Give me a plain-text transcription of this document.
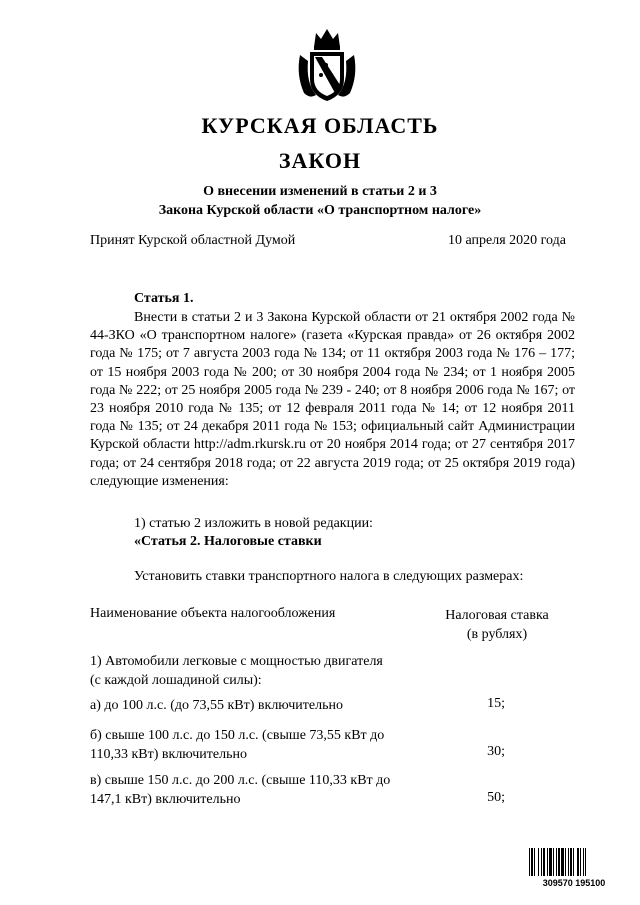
КУРСКАЯ ОБЛАСТЬ
ЗАКОН
О внесении изменений в статьи 2 и 3
Закона Курской области «О транспортном налоге»
Принят Курской областной Думой	10 апреля 2020 года
Статья 1.
Внести в статьи 2 и 3 Закона Курской области от 21 октября 2002 года № 44-ЗКО «О транспортном налоге» (газета «Курская правда» от 26 октября 2002 года № 175; от 7 августа 2003 года № 134; от 11 октября 2003 года № 176 – 177; от 15 ноября 2003 года № 200; от 30 ноября 2004 года № 234; от 1 ноября 2005 года № 222; от 25 ноября 2005 года № 239 - 240; от 8 ноября 2006 года № 167; от 23 ноября 2010 года № 135; от 12 февраля 2011 года № 14; от 12 ноября 2011 года № 135; от 24 декабря 2011 года № 153; официальный сайт Администрации Курской области http://adm.rkursk.ru от 20 ноября 2014 года; от 27 сентября 2017 года; от 24 сентября 2018 года; от 22 августа 2019 года; от 25 октября 2019 года) следующие изменения:
1) статью 2 изложить в новой редакции:
«Статья 2. Налоговые ставки
Установить ставки транспортного налога в следующих размерах:
Наименование объекта налогообложения	Налоговая ставка
(в рублях)
1) Автомобили легковые с мощностью двигателя
(с каждой лошадиной силы):
а) до 100 л.с. (до 73,55 кВт) включительно	15;
б) свыше 100 л.с. до 150 л.с. (свыше 73,55 кВт до
110,33 кВт) включительно	30;
в) свыше 150 л.с. до 200 л.с. (свыше 110,33 кВт до
147,1 кВт) включительно	50;
309570 195100
